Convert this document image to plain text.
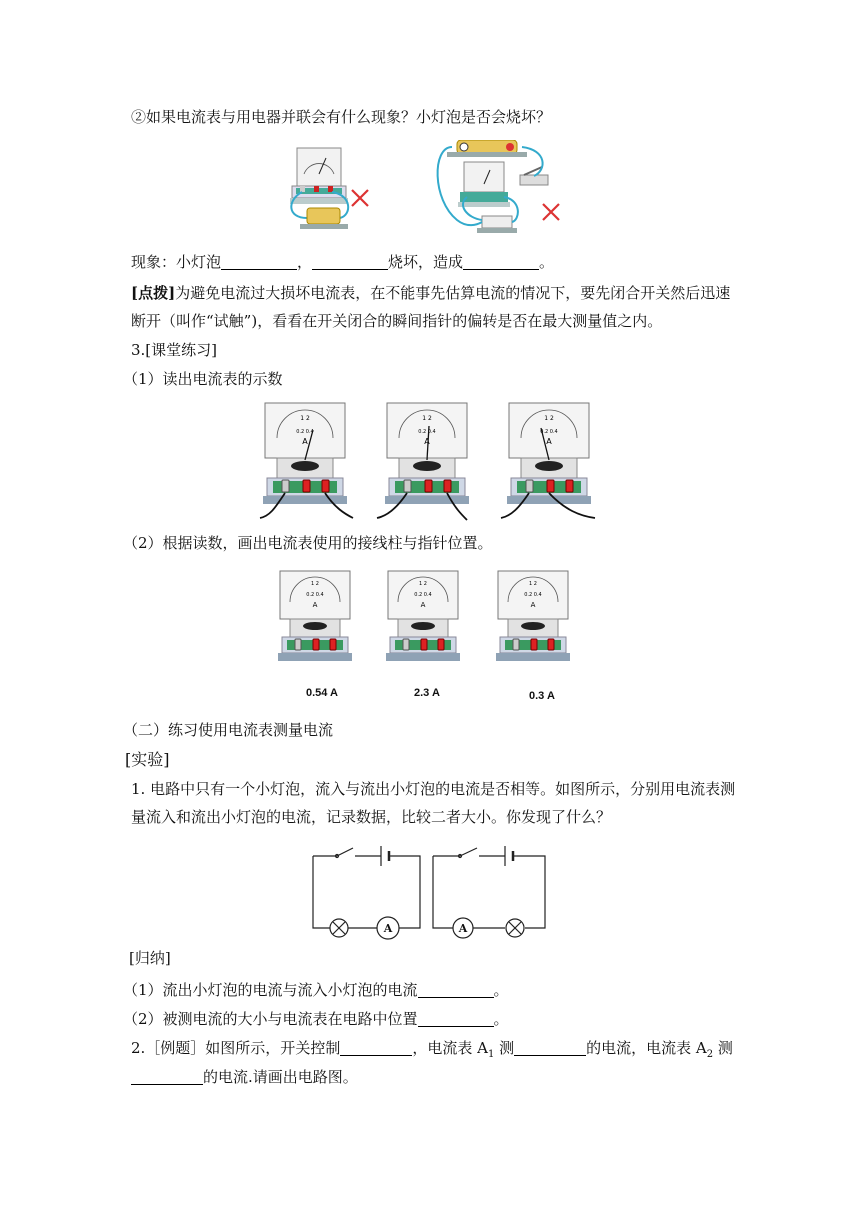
②如果电流表与用电器并联会有什么现象？小灯泡是否会烧坏？
现象：小灯泡	，	烧坏，造成	。
[点拨]为避免电流过大损坏电流表，在不能事先估算电流的情况下，要先闭合开关然后迅速
断开（叫作“试触”)，看看在开关闭合的瞬间指针的偏转是否在最大测量值之内。
3.[课堂练习]
（1）读出电流表的示数
（2）根据读数，画出电流表使用的接线柱与指针位置。
0.54 A	2.3 A	0.3 A
（二）练习使用电流表测量电流
[实验]
1. 电路中只有一个小灯泡，流入与流出小灯泡的电流是否相等。如图所示，分别用电流表测
量流入和流出小灯泡的电流，记录数据，比较二者大小。你发现了什么？
A	A
[归纳]
（1）流出小灯泡的电流与流入小灯泡的电流	。
（2）被测电流的大小与电流表在电路中位置	。
2.［例题］如图所示，开关控制	，电流表 $A_1$ 测	的电流，电流表 $A_2$ 测
的电流.请画出电路图。
